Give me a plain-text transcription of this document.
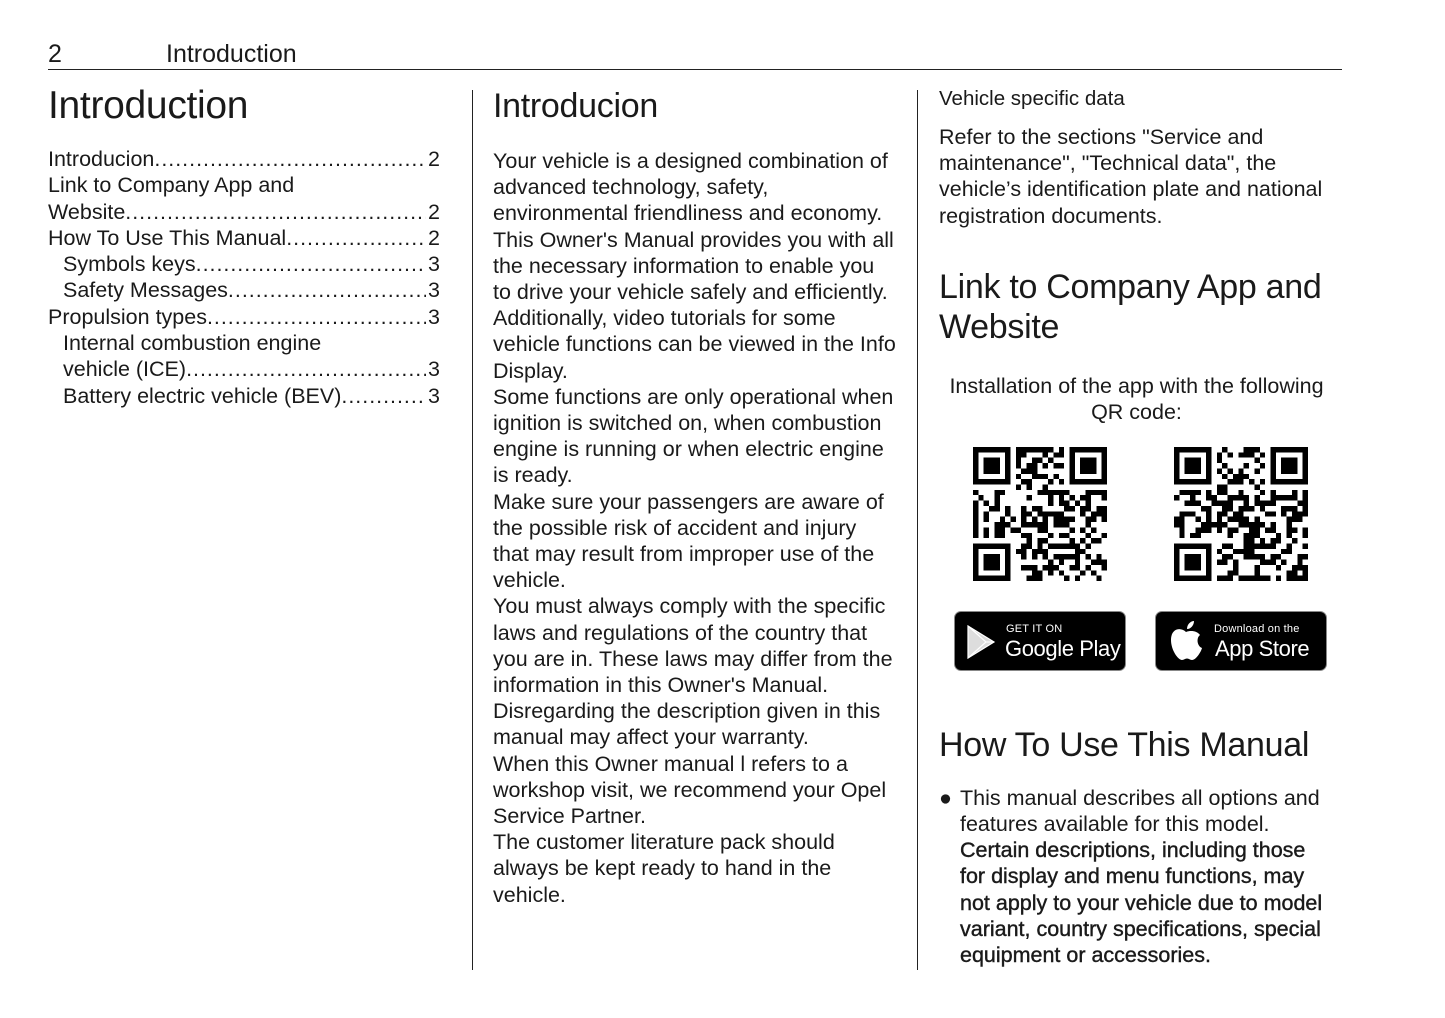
2	Introduction
Introduction
Introducion . . .	2
Link to Company App and
Website . . .	2
How To Use This Manual . . .	2
Symbols keys . . .	3
Safety Messages . . .	3
Propulsion types . . .	3
Internal combustion engine
vehicle (ICE) . . .	3
Battery electric vehicle (BEV) . . .	3
Introducion

Your vehicle is a designed combination of advanced technology, safety, environmental friendliness and economy.

This Owner's Manual provides you with all the necessary information to enable you to drive your vehicle safely and efficiently.

Additionally, video tutorials for some vehicle functions can be viewed in the Info Display.

Some functions are only operational when ignition is switched on, when combustion engine is running or when electric engine is ready.

Make sure your passengers are aware of the possible risk of accident and injury that may result from improper use of the vehicle.

You must always comply with the specific laws and regulations of the country that you are in. These laws may differ from the information in this Owner's Manual.

Disregarding the description given in this manual may affect your warranty.

When this Owner manual l refers to a workshop visit, we recommend your Opel Service Partner.

The customer literature pack should always be kept ready to hand in the vehicle.

Vehicle specific data

Refer to the sections "Service and maintenance", "Technical data", the vehicle’s identification plate and national registration documents.

Link to Company App and Website
Installation of the app with the following QR code:
GET IT ON
Google Play
Download on the
App Store
How To Use This Manual
● This manual describes all options and features available for this model.
Certain descriptions, including those for display and menu functions, may not apply to your vehicle due to model variant, country specifications, special equipment or accessories.
